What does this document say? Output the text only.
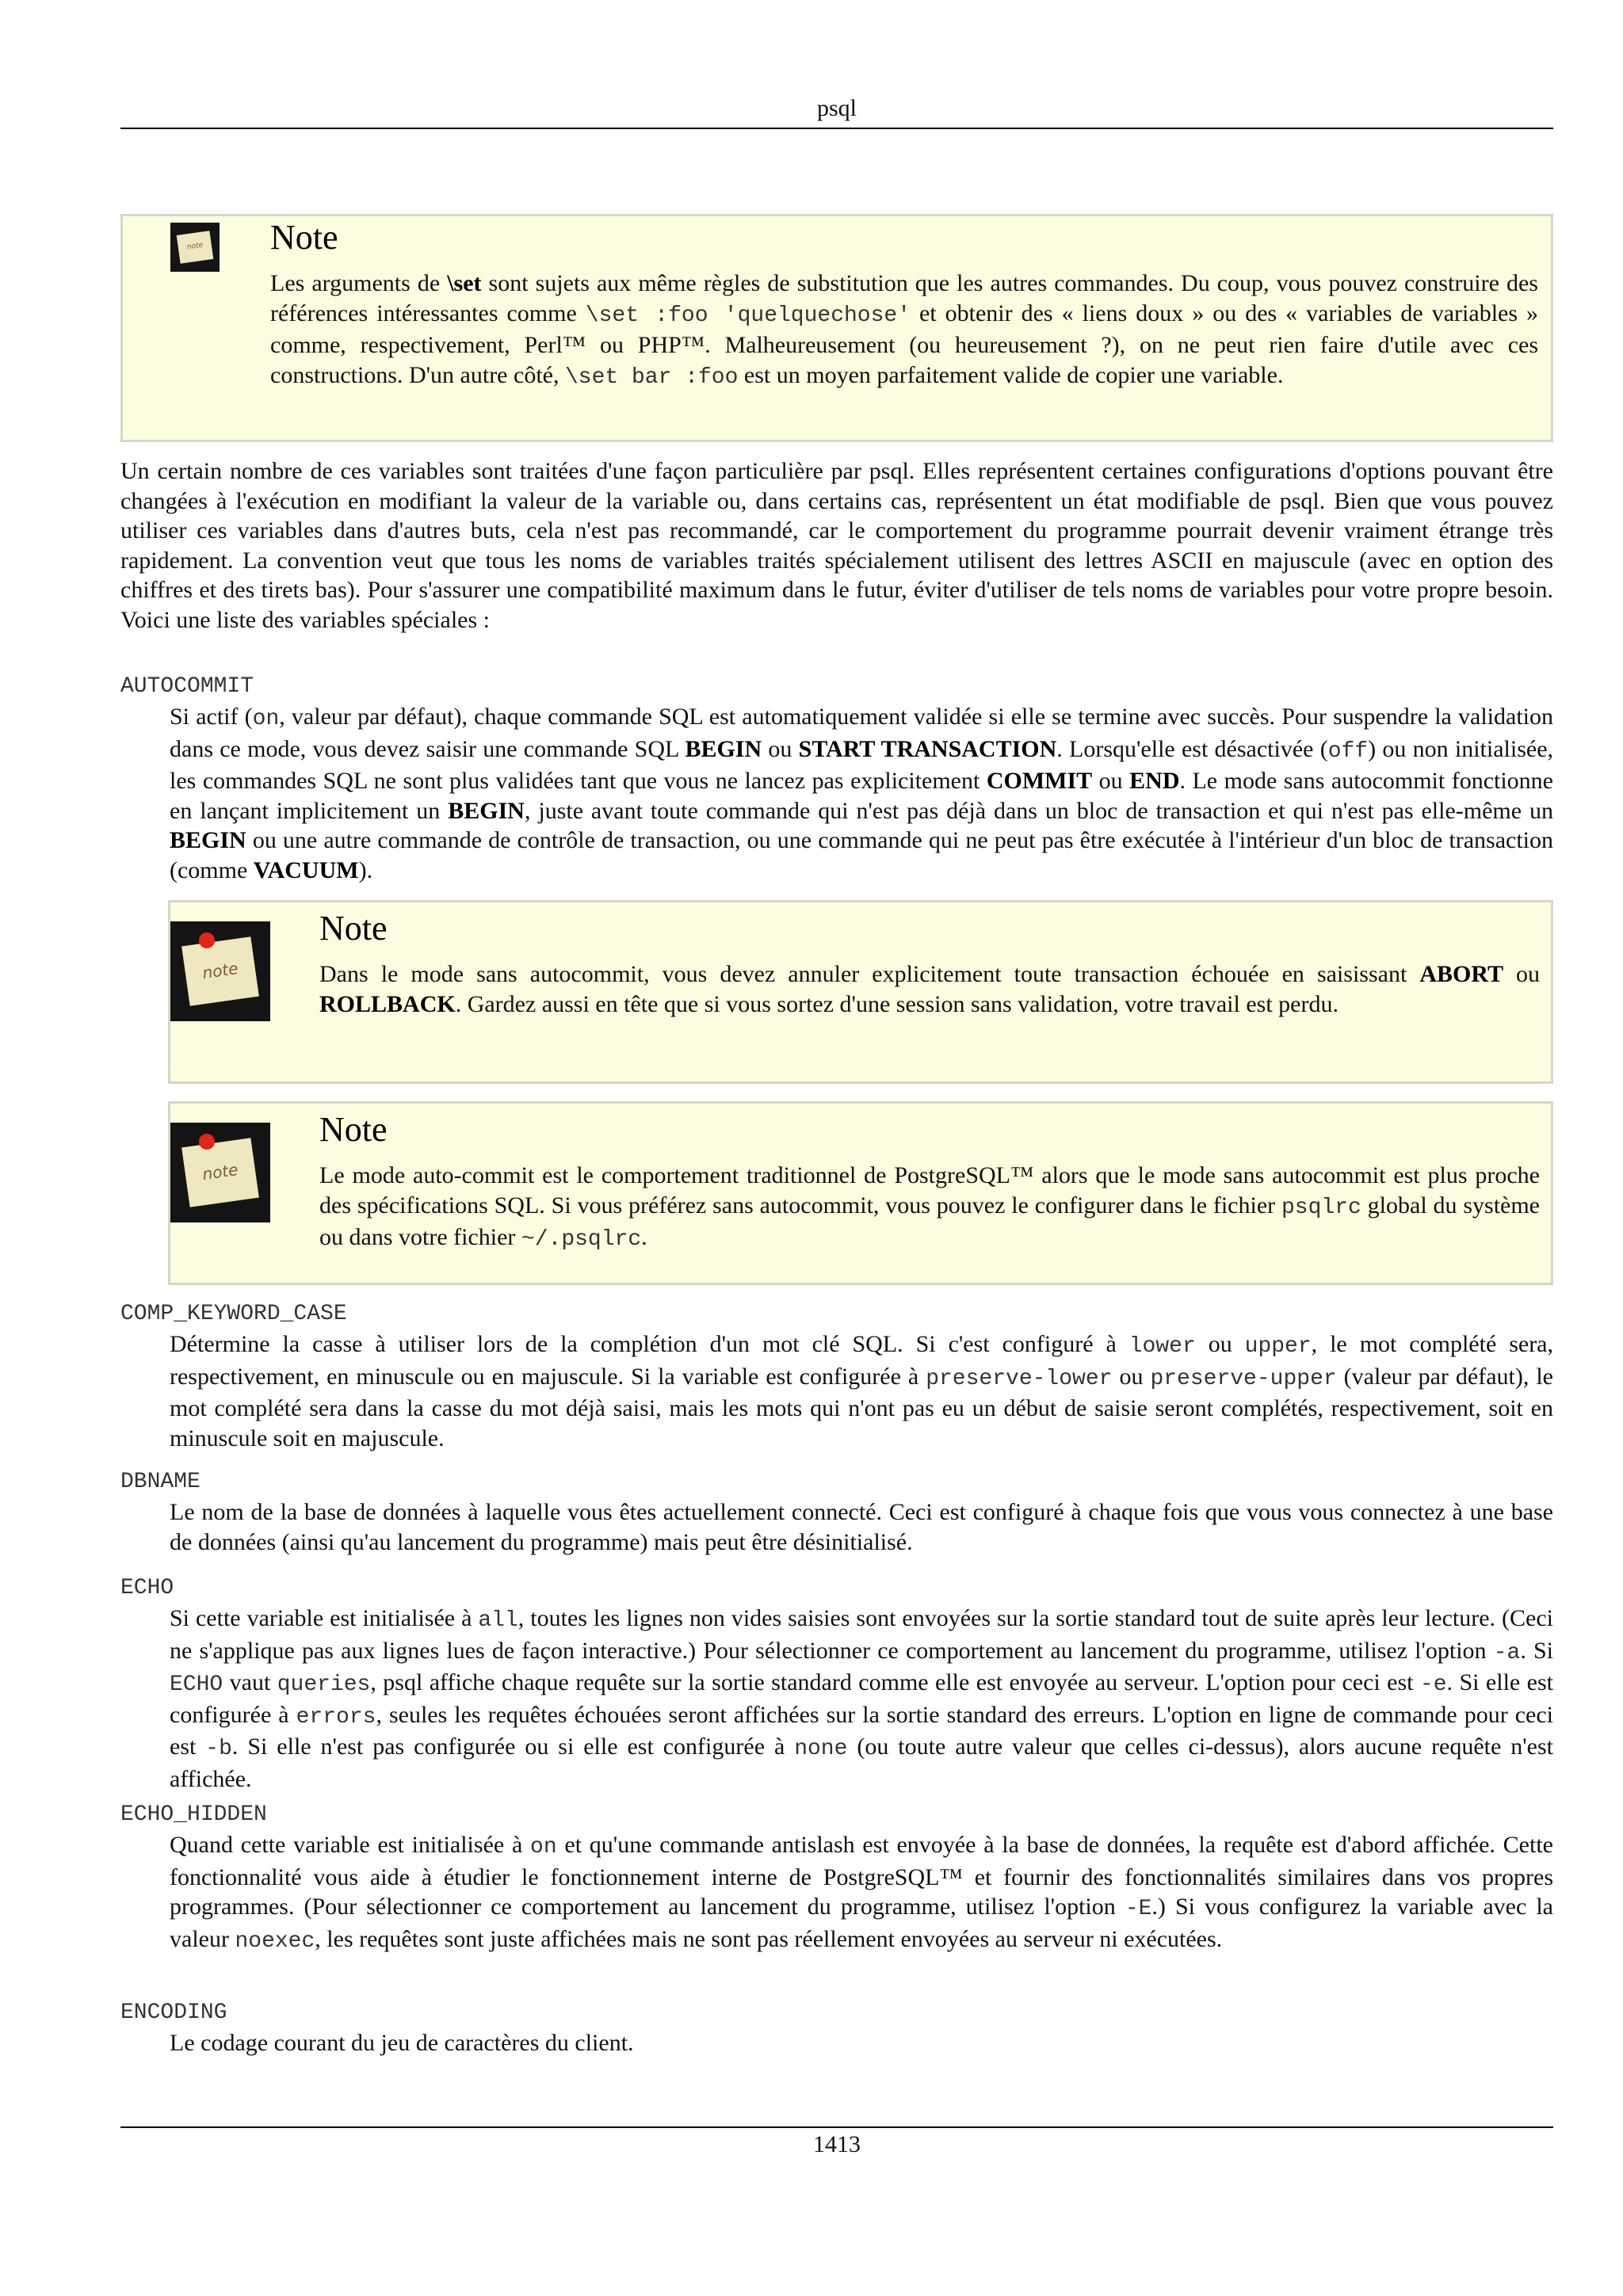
psql
note Note
Les arguments de \set sont sujets aux même règles de substitution que les autres commandes. Du coup, vous pouvez construire des références intéressantes comme \set :foo 'quelquechose' et obtenir des « liens doux » ou des « variables de variables » comme, respectivement, Perl™ ou PHP™. Malheureusement (ou heureusement ?), on ne peut rien faire d'utile avec ces constructions. D'un autre côté, \set bar :foo est un moyen parfaitement valide de copier une variable.
Un certain nombre de ces variables sont traitées d'une façon particulière par psql. Elles représentent certaines configurations d'options pouvant être changées à l'exécution en modifiant la valeur de la variable ou, dans certains cas, représentent un état modifiable de psql. Bien que vous pouvez utiliser ces variables dans d'autres buts, cela n'est pas recommandé, car le comportement du programme pourrait devenir vraiment étrange très rapidement. La convention veut que tous les noms de variables traités spécialement utilisent des lettres ASCII en majuscule (avec en option des chiffres et des tirets bas). Pour s'assurer une compatibilité maximum dans le futur, éviter d'utiliser de tels noms de variables pour votre propre besoin. Voici une liste des variables spéciales :
AUTOCOMMIT
Si actif (on, valeur par défaut), chaque commande SQL est automatiquement validée si elle se termine avec succès. Pour suspendre la validation dans ce mode, vous devez saisir une commande SQL BEGIN ou START TRANSACTION. Lorsqu'elle est désactivée (off) ou non initialisée, les commandes SQL ne sont plus validées tant que vous ne lancez pas explicitement COMMIT ou END. Le mode sans autocommit fonctionne en lançant implicitement un BEGIN, juste avant toute commande qui n'est pas déjà dans un bloc de transaction et qui n'est pas elle-même un BEGIN ou une autre commande de contrôle de transaction, ou une commande qui ne peut pas être exécutée à l'intérieur d'un bloc de transaction (comme VACUUM).
note
Note
Dans le mode sans autocommit, vous devez annuler explicitement toute transaction échouée en saisissant ABORT ou ROLLBACK. Gardez aussi en tête que si vous sortez d'une session sans validation, votre travail est perdu.
note
Note
Le mode auto-commit est le comportement traditionnel de PostgreSQL™ alors que le mode sans autocommit est plus proche des spécifications SQL. Si vous préférez sans autocommit, vous pouvez le configurer dans le fichier psqlrc global du système ou dans votre fichier ~/.psqlrc.
COMP_KEYWORD_CASE
Détermine la casse à utiliser lors de la complétion d'un mot clé SQL. Si c'est configuré à lower ou upper, le mot complété sera, respectivement, en minuscule ou en majuscule. Si la variable est configurée à preserve-lower ou preserve-upper (valeur par défaut), le mot complété sera dans la casse du mot déjà saisi, mais les mots qui n'ont pas eu un début de saisie seront complétés, respectivement, soit en minuscule soit en majuscule.
DBNAME
Le nom de la base de données à laquelle vous êtes actuellement connecté. Ceci est configuré à chaque fois que vous vous connectez à une base de données (ainsi qu'au lancement du programme) mais peut être désinitialisé.
ECHO
Si cette variable est initialisée à all, toutes les lignes non vides saisies sont envoyées sur la sortie standard tout de suite après leur lecture. (Ceci ne s'applique pas aux lignes lues de façon interactive.) Pour sélectionner ce comportement au lancement du programme, utilisez l'option -a. Si ECHO vaut queries, psql affiche chaque requête sur la sortie standard comme elle est envoyée au serveur. L'option pour ceci est -e. Si elle est configurée à errors, seules les requêtes échouées seront affichées sur la sortie standard des erreurs. L'option en ligne de commande pour ceci est -b. Si elle n'est pas configurée ou si elle est configurée à none (ou toute autre valeur que celles ci-dessus), alors aucune requête n'est affichée.
ECHO_HIDDEN
Quand cette variable est initialisée à on et qu'une commande antislash est envoyée à la base de données, la requête est d'abord affichée. Cette fonctionnalité vous aide à étudier le fonctionnement interne de PostgreSQL™ et fournir des fonctionnalités similaires dans vos propres programmes. (Pour sélectionner ce comportement au lancement du programme, utilisez l'option -E.) Si vous configurez la variable avec la valeur noexec, les requêtes sont juste affichées mais ne sont pas réellement envoyées au serveur ni exécutées.
ENCODING
Le codage courant du jeu de caractères du client.
1413
